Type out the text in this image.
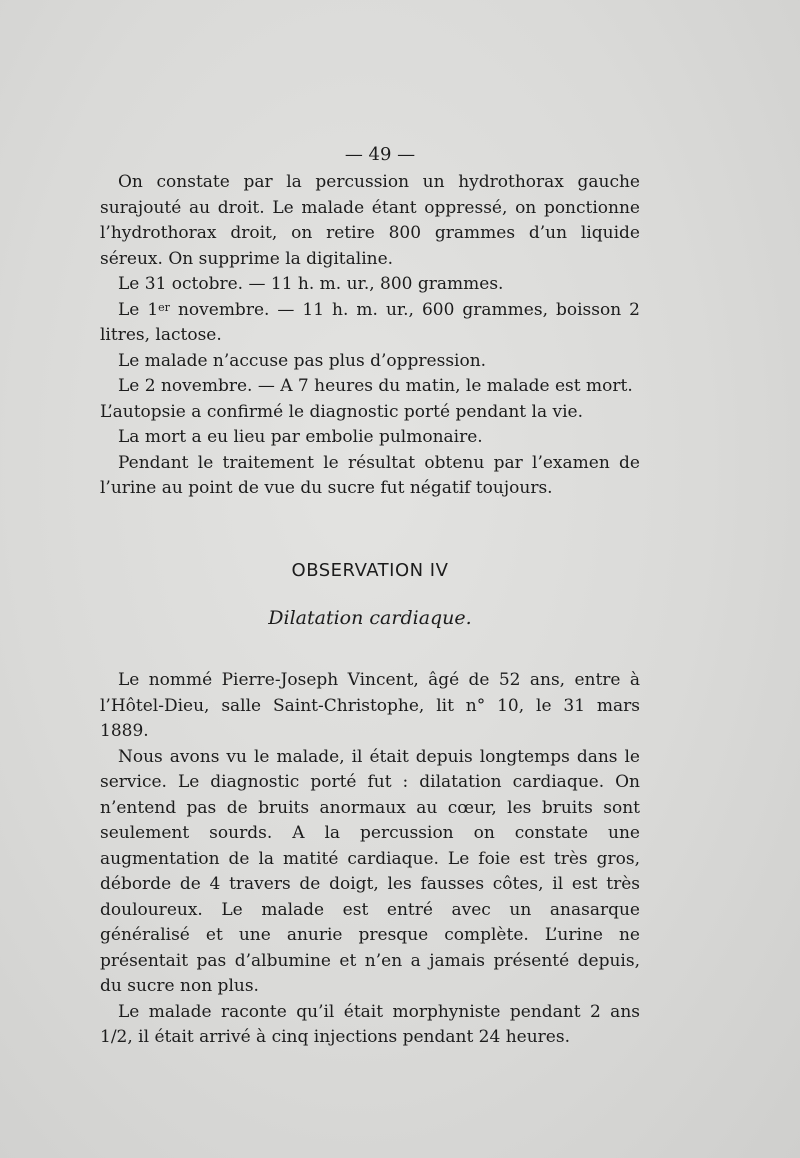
— 49 —

On constate par la percussion un hydrothorax gauche surajouté au droit. Le malade étant oppressé, on ponctionne l’hydrothorax droit, on retire 800 grammes d’un liquide séreux. On supprime la digitaline.

Le 31 octobre. — 11 h. m. ur., 800 grammes.

Le 1er novembre. — 11 h. m. ur., 600 grammes, boisson 2 litres, lactose.

Le malade n’accuse pas plus d’oppression.

Le 2 novembre. — A 7 heures du matin, le malade est mort.

L’autopsie a confirmé le diagnostic porté pendant la vie.

La mort a eu lieu par embolie pulmonaire.

Pendant le traitement le résultat obtenu par l’examen de l’urine au point de vue du sucre fut négatif toujours.

OBSERVATION IV
Dilatation cardiaque.

Le nommé Pierre-Joseph Vincent, âgé de 52 ans, entre à l’Hôtel-Dieu, salle Saint-Christophe, lit n° 10, le 31 mars 1889.

Nous avons vu le malade, il était depuis longtemps dans le service. Le diagnostic porté fut : dilatation cardiaque. On n’entend pas de bruits anormaux au cœur, les bruits sont seulement sourds. A la percussion on constate une augmentation de la matité cardiaque. Le foie est très gros, déborde de 4 travers de doigt, les fausses côtes, il est très douloureux. Le malade est entré avec un anasarque généralisé et une anurie presque complète. L’urine ne présentait pas d’albumine et n’en a jamais présenté depuis, du sucre non plus.

Le malade raconte qu’il était morphyniste pendant 2 ans 1/2, il était arrivé à cinq injections pendant 24 heures.
